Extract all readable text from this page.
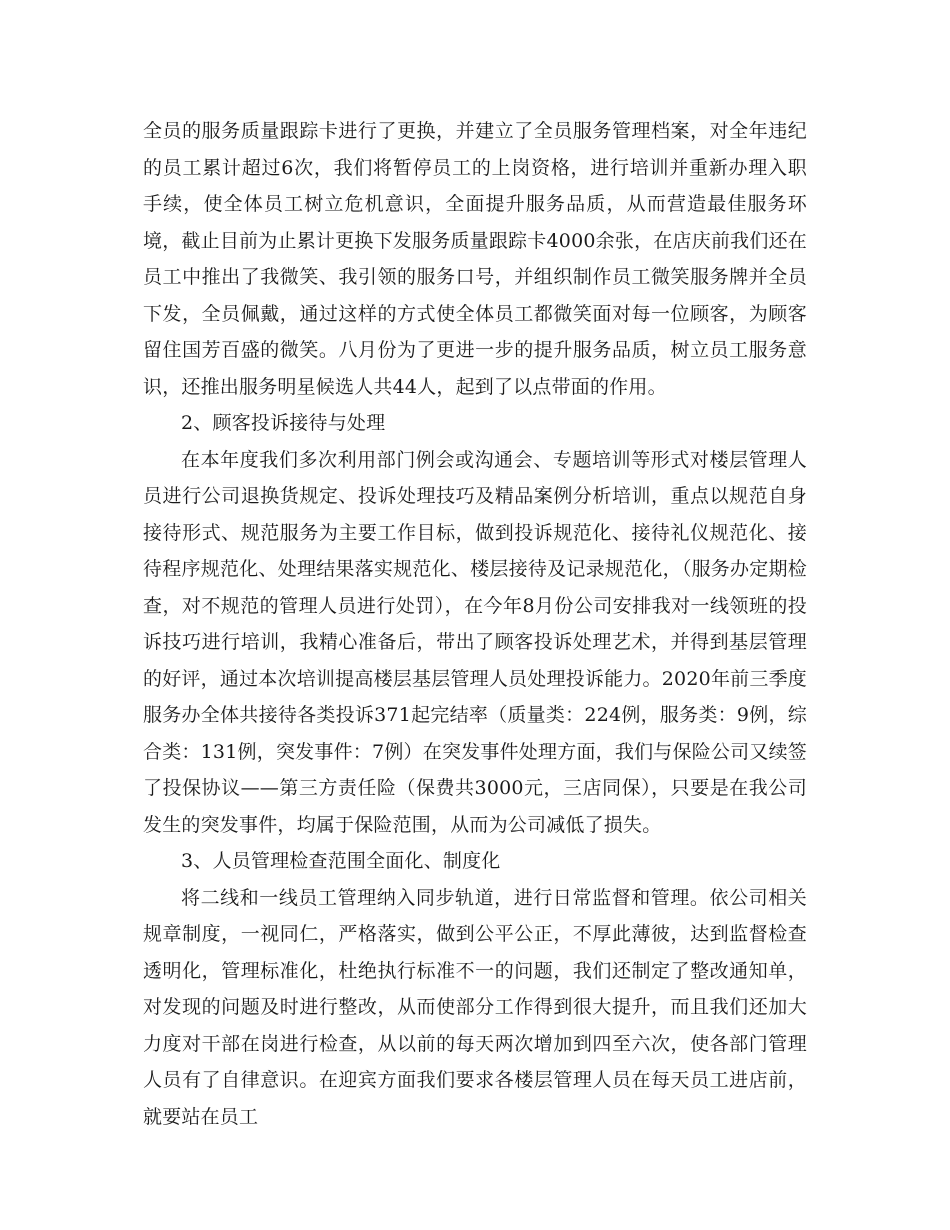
全员的服务质量跟踪卡进行了更换，并建立了全员服务管理档案，对全年违纪的员工累计超过6次，我们将暂停员工的上岗资格，进行培训并重新办理入职手续，使全体员工树立危机意识，全面提升服务品质，从而营造最佳服务环境，截止目前为止累计更换下发服务质量跟踪卡4000余张，在店庆前我们还在员工中推出了我微笑、我引领的服务口号，并组织制作员工微笑服务牌并全员下发，全员佩戴，通过这样的方式使全体员工都微笑面对每一位顾客，为顾客留住国芳百盛的微笑。八月份为了更进一步的提升服务品质，树立员工服务意识，还推出服务明星候选人共44人，起到了以点带面的作用。

2、顾客投诉接待与处理

在本年度我们多次利用部门例会或沟通会、专题培训等形式对楼层管理人员进行公司退换货规定、投诉处理技巧及精品案例分析培训，重点以规范自身接待形式、规范服务为主要工作目标，做到投诉规范化、接待礼仪规范化、接待程序规范化、处理结果落实规范化、楼层接待及记录规范化，（服务办定期检查，对不规范的管理人员进行处罚），在今年8月份公司安排我对一线领班的投诉技巧进行培训，我精心准备后，带出了顾客投诉处理艺术，并得到基层管理的好评，通过本次培训提高楼层基层管理人员处理投诉能力。2020年前三季度服务办全体共接待各类投诉371起完结率（质量类：224例，服务类：9例，综合类：131例，突发事件：7例）在突发事件处理方面，我们与保险公司又续签了投保协议——第三方责任险（保费共3000元，三店同保），只要是在我公司发生的突发事件，均属于保险范围，从而为公司减低了损失。

3、人员管理检查范围全面化、制度化

将二线和一线员工管理纳入同步轨道，进行日常监督和管理。依公司相关规章制度，一视同仁，严格落实，做到公平公正，不厚此薄彼，达到监督检查透明化，管理标准化，杜绝执行标准不一的问题，我们还制定了整改通知单，对发现的问题及时进行整改，从而使部分工作得到很大提升，而且我们还加大力度对干部在岗进行检查，从以前的每天两次增加到四至六次，使各部门管理人员有了自律意识。在迎宾方面我们要求各楼层管理人员在每天员工进店前，就要站在员工
